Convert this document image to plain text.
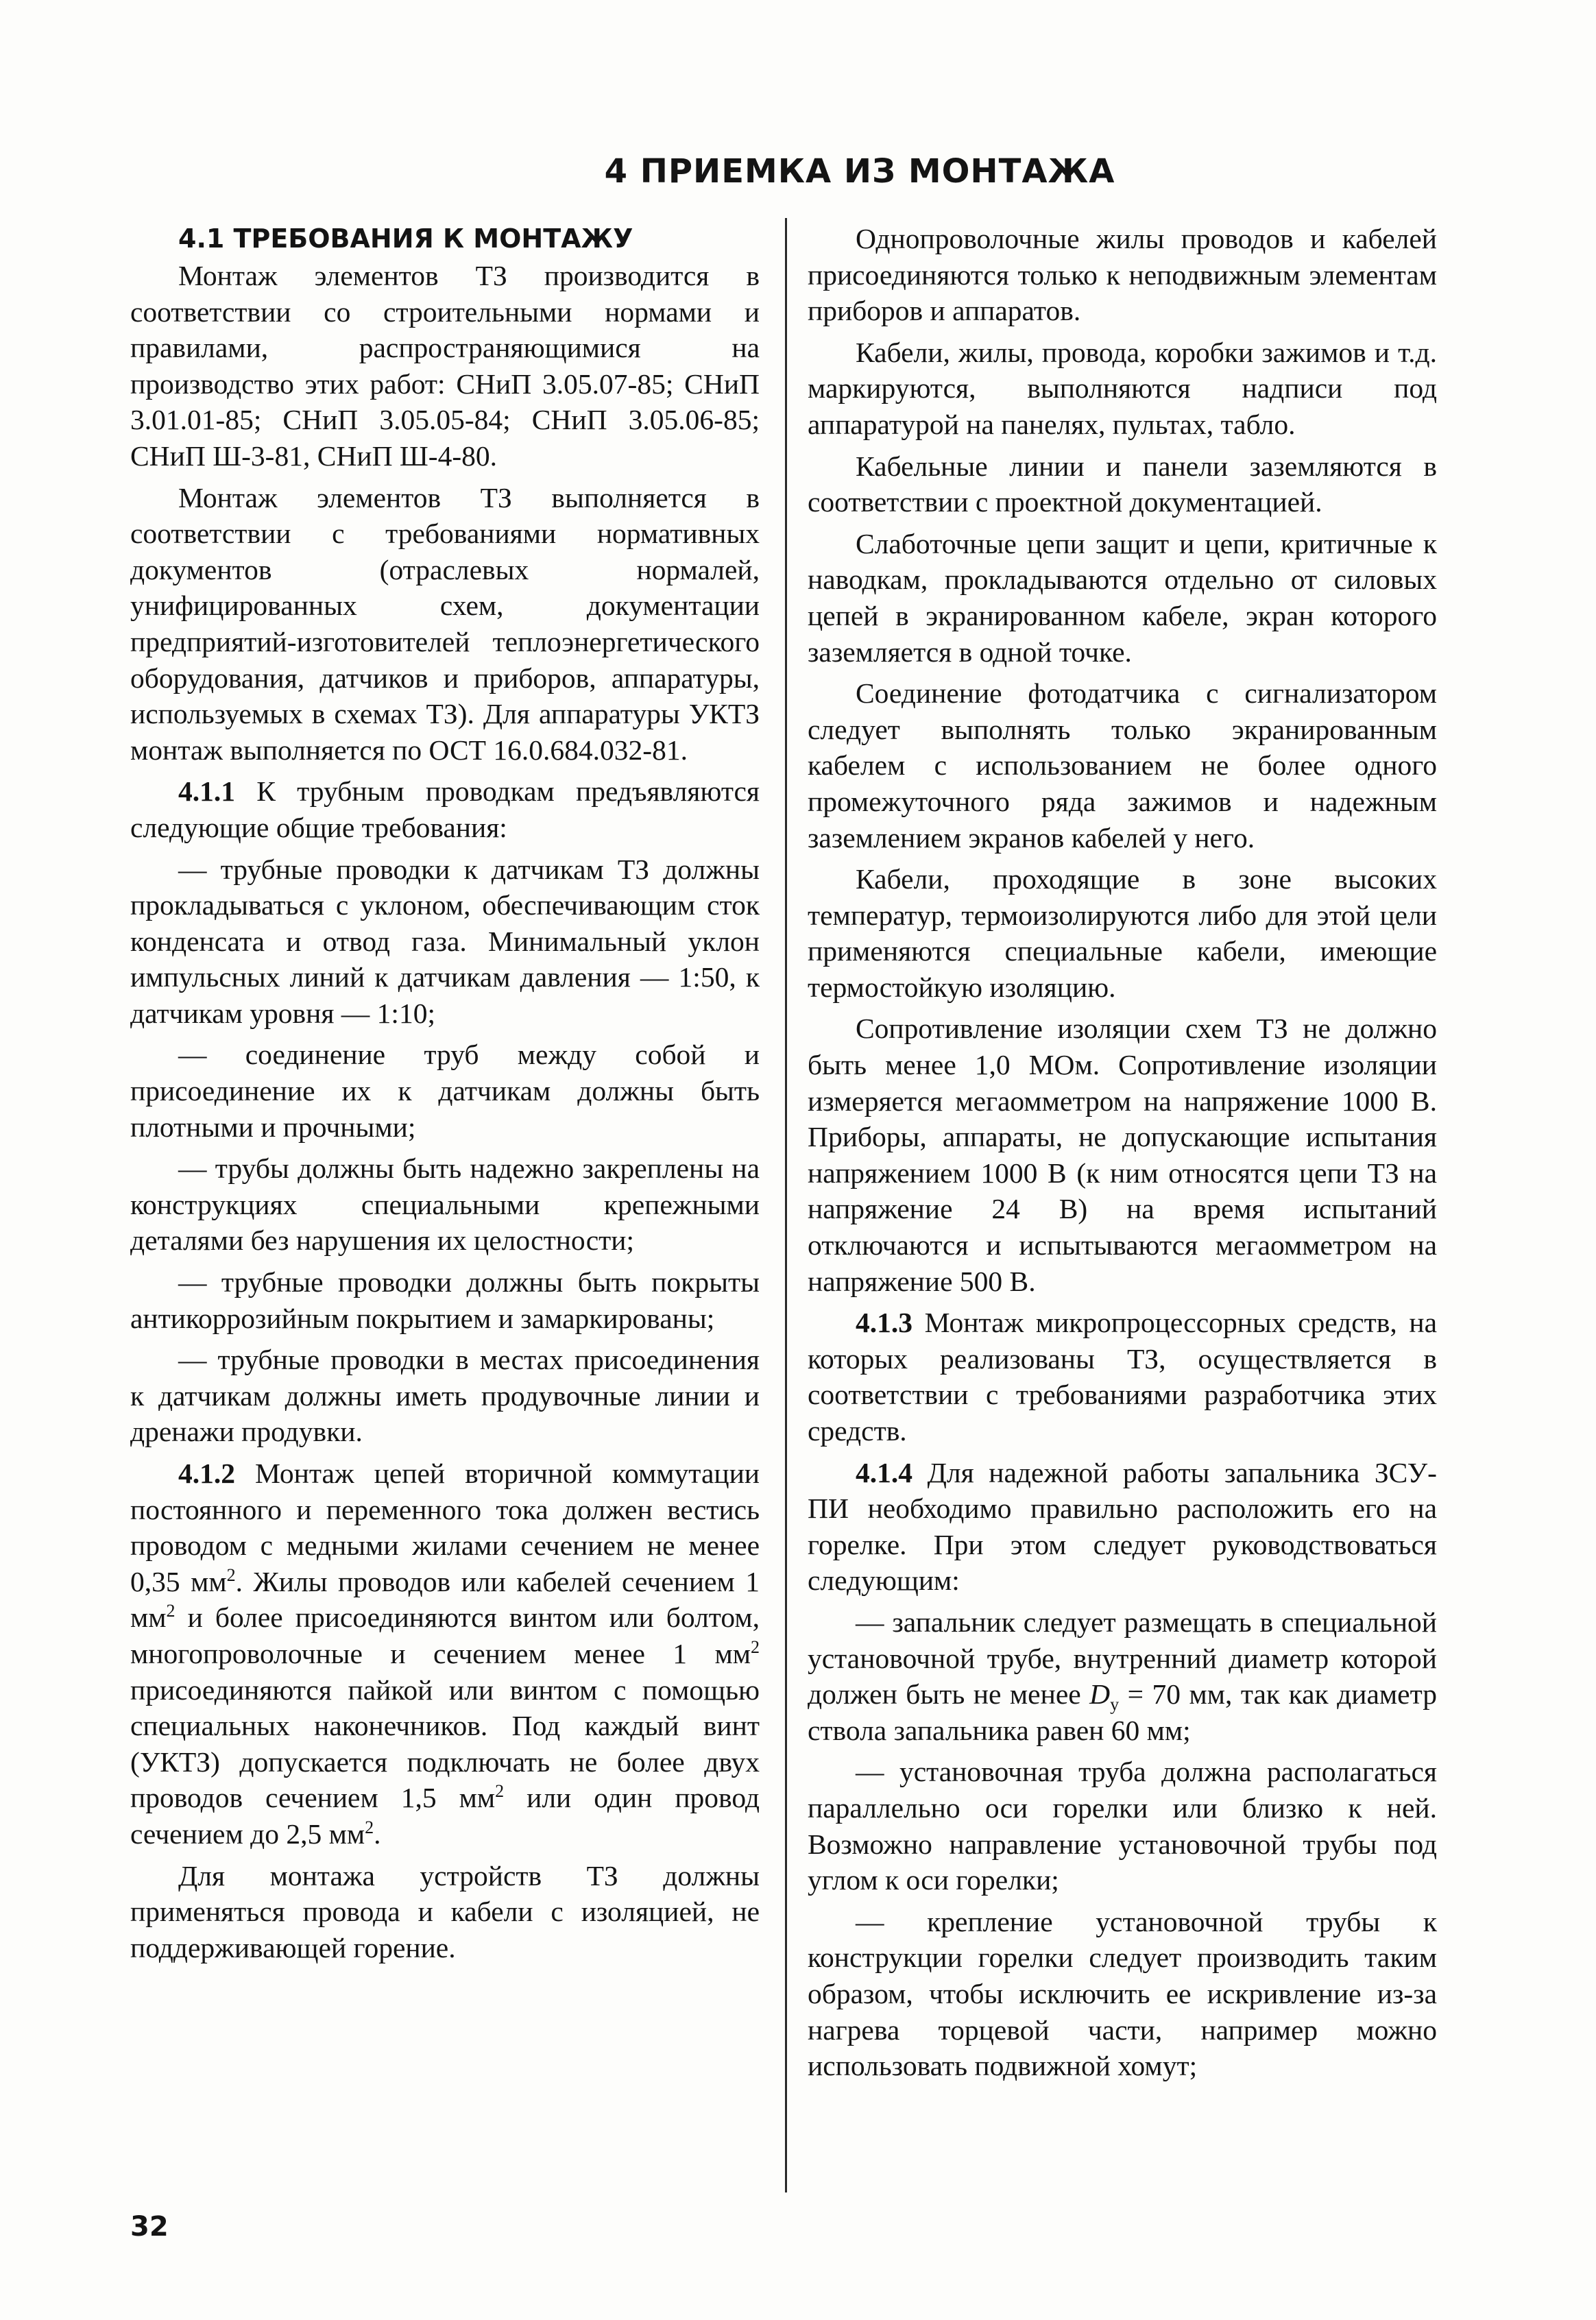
4 ПРИЕМКА ИЗ МОНТАЖА
4.1 ТРЕБОВАНИЯ К МОНТАЖУ

Монтаж элементов ТЗ производится в соответствии со строительными нормами и правилами, распространяющимися на производство этих работ: СНиП 3.05.07-85; СНиП 3.01.01-85; СНиП 3.05.05-84; СНиП 3.05.06-85; СНиП Ш-3-81, СНиП Ш-4-80.

Монтаж элементов ТЗ выполняется в соответствии с требованиями нормативных документов (отраслевых нормалей, унифицированных схем, документации предприятий-изготовителей теплоэнергетического оборудования, датчиков и приборов, аппаратуры, используемых в схемах ТЗ). Для аппаратуры УКТЗ монтаж выполняется по ОСТ 16.0.684.032-81.

4.1.1 К трубным проводкам предъявляются следующие общие требования:

— трубные проводки к датчикам ТЗ должны прокладываться с уклоном, обеспечивающим сток конденсата и отвод газа. Минимальный уклон импульсных линий к датчикам давления — 1:50, к датчикам уровня — 1:10;

— соединение труб между собой и присоединение их к датчикам должны быть плотными и прочными;

— трубы должны быть надежно закреплены на конструкциях специальными крепежными деталями без нарушения их целостности;

— трубные проводки должны быть покрыты антикоррозийным покрытием и замаркированы;

— трубные проводки в местах присоединения к датчикам должны иметь продувочные линии и дренажи продувки.

4.1.2 Монтаж цепей вторичной коммутации постоянного и переменного тока должен вестись проводом с медными жилами сечением не менее 0,35 $мм^2$. Жилы проводов или кабелей сечением 1 $мм^2$ и более присоединяются винтом или болтом, многопроволочные и сечением менее 1 $мм^2$ присоединяются пайкой или винтом с помощью специальных наконечников. Под каждый винт (УКТЗ) допускается подключать не более двух проводов сечением 1,5 $мм^2$ или один провод сечением до 2,5 $мм^2$.

Для монтажа устройств ТЗ должны применяться провода и кабели с изоляцией, не поддерживающей горение.

Однопроволочные жилы проводов и кабелей присоединяются только к неподвижным элементам приборов и аппаратов.

Кабели, жилы, провода, коробки зажимов и т.д. маркируются, выполняются надписи под аппаратурой на панелях, пультах, табло.

Кабельные линии и панели заземляются в соответствии с проектной документацией.

Слаботочные цепи защит и цепи, критичные к наводкам, прокладываются отдельно от силовых цепей в экранированном кабеле, экран которого заземляется в одной точке.

Соединение фотодатчика с сигнализатором следует выполнять только экранированным кабелем с использованием не более одного промежуточного ряда зажимов и надежным заземлением экранов кабелей у него.

Кабели, проходящие в зоне высоких температур, термоизолируются либо для этой цели применяются специальные кабели, имеющие термостойкую изоляцию.

Сопротивление изоляции схем ТЗ не должно быть менее 1,0 МОм. Сопротивление изоляции измеряется мегаомметром на напряжение 1000 В. Приборы, аппараты, не допускающие испытания напряжением 1000 В (к ним относятся цепи ТЗ на напряжение 24 В) на время испытаний отключаются и испытываются мегаомметром на напряжение 500 В.

4.1.3 Монтаж микропроцессорных средств, на которых реализованы ТЗ, осуществляется в соответствии с требованиями разработчика этих средств.

4.1.4 Для надежной работы запальника ЗСУ-ПИ необходимо правильно расположить его на горелке. При этом следует руководствоваться следующим:

— запальник следует размещать в специальной установочной трубе, внутренний диаметр которой должен быть не менее $D_y = 70$ мм, так как диаметр ствола запальника равен 60 мм;

— установочная труба должна располагаться параллельно оси горелки или близко к ней. Возможно направление установочной трубы под углом к оси горелки;

— крепление установочной трубы к конструкции горелки следует производить таким образом, чтобы исключить ее искривление из-за нагрева торцевой части, например можно использовать подвижной хомут;

32
